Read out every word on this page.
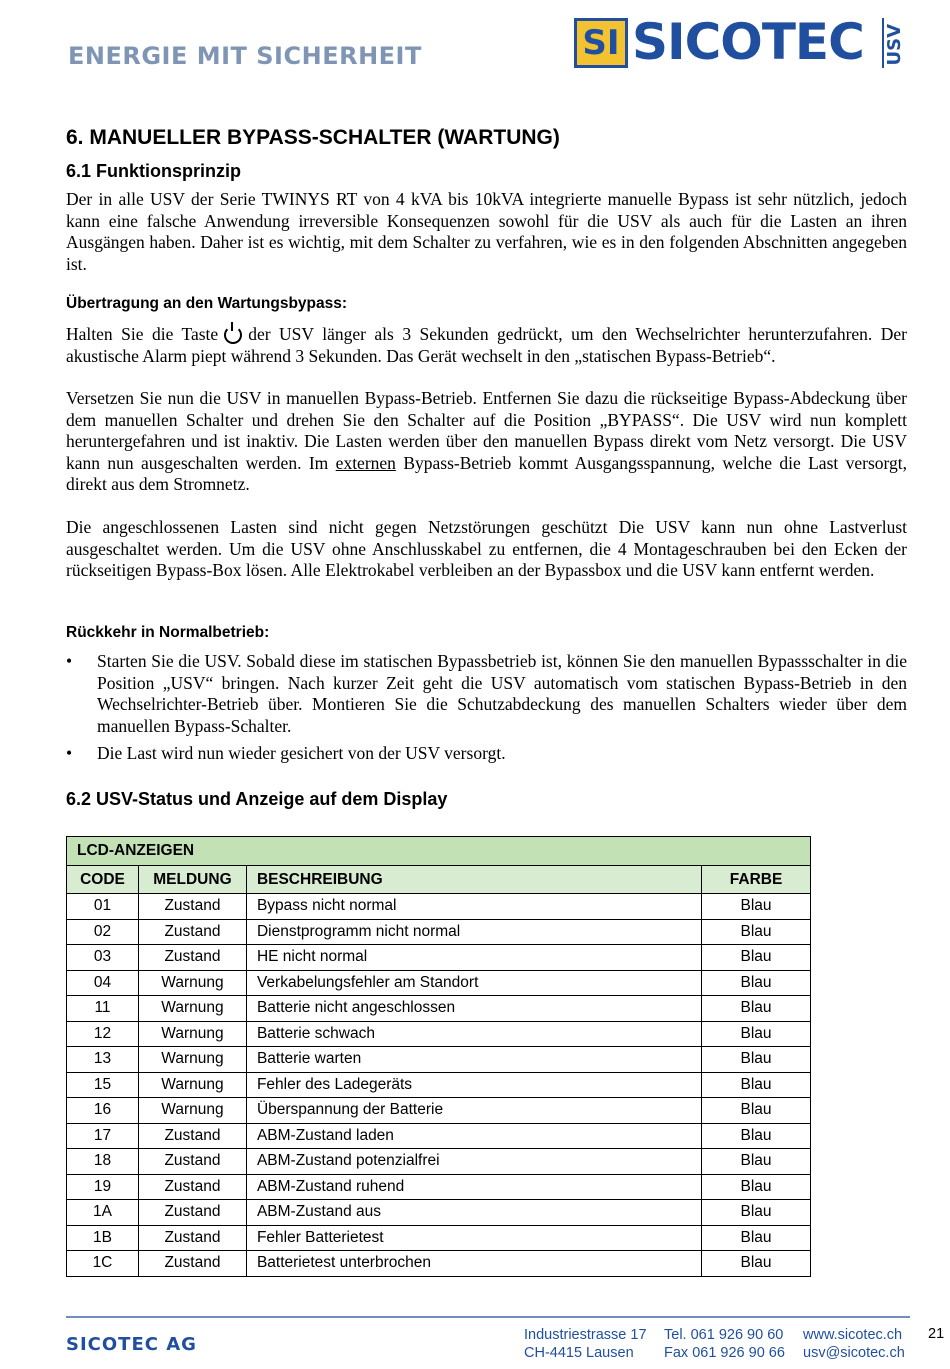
ENERGIE MIT SICHERHEIT	SI SICOTEC USV
6. MANUELLER BYPASS-SCHALTER (WARTUNG)
6.1 Funktionsprinzip

Der in alle USV der Serie TWINYS RT von 4 kVA bis 10kVA integrierte manuelle Bypass ist sehr nützlich, jedoch kann eine falsche Anwendung irreversible Konsequenzen sowohl für die USV als auch für die Lasten an ihren Ausgängen haben. Daher ist es wichtig, mit dem Schalter zu verfahren, wie es in den folgenden Abschnitten angegeben ist.

Übertragung an den Wartungsbypass:

Halten Sie die Taste der USV länger als 3 Sekunden gedrückt, um den Wechselrichter herunterzufahren. Der akustische Alarm piept während 3 Sekunden. Das Gerät wechselt in den „statischen Bypass-Betrieb“.

Versetzen Sie nun die USV in manuellen Bypass-Betrieb. Entfernen Sie dazu die rückseitige Bypass-Abdeckung über dem manuellen Schalter und drehen Sie den Schalter auf die Position „BYPASS“. Die USV wird nun komplett heruntergefahren und ist inaktiv. Die Lasten werden über den manuellen Bypass direkt vom Netz versorgt. Die USV kann nun ausgeschalten werden. Im externen Bypass-Betrieb kommt Ausgangsspannung, welche die Last versorgt, direkt aus dem Stromnetz.

Die angeschlossenen Lasten sind nicht gegen Netzstörungen geschützt Die USV kann nun ohne Lastverlust ausgeschaltet werden. Um die USV ohne Anschlusskabel zu entfernen, die 4 Montageschrauben bei den Ecken der rückseitigen Bypass-Box lösen. Alle Elektrokabel verbleiben an der Bypassbox und die USV kann entfernt werden.

Rückkehr in Normalbetrieb:
• Starten Sie die USV. Sobald diese im statischen Bypassbetrieb ist, können Sie den manuellen Bypassschalter in die Position „USV“ bringen. Nach kurzer Zeit geht die USV automatisch vom statischen Bypass-Betrieb in den Wechselrichter-Betrieb über. Montieren Sie die Schutzabdeckung des manuellen Schalters wieder über dem manuellen Bypass-Schalter.
• Die Last wird nun wieder gesichert von der USV versorgt.
6.2 USV-Status und Anzeige auf dem Display
LCD-ANZEIGEN			
CODE	MELDUNG	BESCHREIBUNG	FARBE
01	Zustand	Bypass nicht normal	Blau
02	Zustand	Dienstprogramm nicht normal	Blau
03	Zustand	HE nicht normal	Blau
04	Warnung	Verkabelungsfehler am Standort	Blau
11	Warnung	Batterie nicht angeschlossen	Blau
12	Warnung	Batterie schwach	Blau
13	Warnung	Batterie warten	Blau
15	Warnung	Fehler des Ladegeräts	Blau
16	Warnung	Überspannung der Batterie	Blau
17	Zustand	ABM-Zustand laden	Blau
18	Zustand	ABM-Zustand potenzialfrei	Blau
19	Zustand	ABM-Zustand ruhend	Blau
1A	Zustand	ABM-Zustand aus	Blau
1B	Zustand	Fehler Batterietest	Blau
1C	Zustand	Batterietest unterbrochen	Blau
SICOTEC AG	Industriestrasse 17 Tel. 061 926 90 60 www.sicotec.ch
CH-4415 Lausen Fax 061 926 90 66 usv@sicotec.ch
21
